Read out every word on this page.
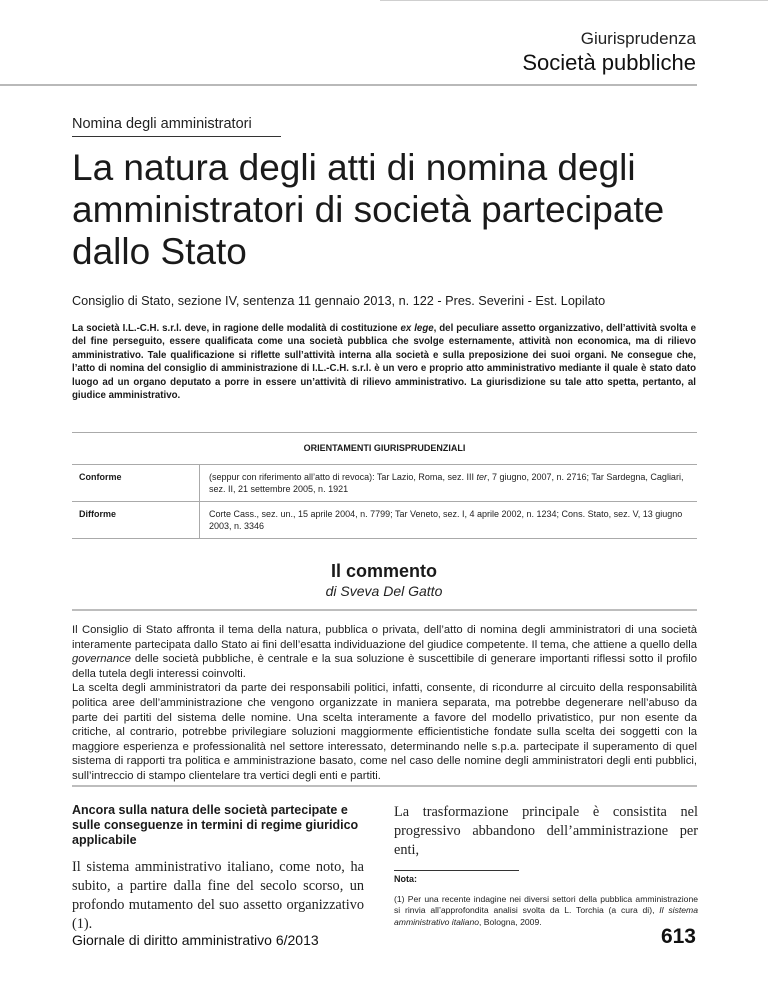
Giurisprudenza
Società pubbliche
Nomina degli amministratori
La natura degli atti di nomina degli amministratori di società partecipate dallo Stato
Consiglio di Stato, sezione IV, sentenza 11 gennaio 2013, n. 122 - Pres. Severini - Est. Lopilato
La società I.L.-C.H. s.r.l. deve, in ragione delle modalità di costituzione ex lege, del peculiare assetto organizzativo, dell’attività svolta e del fine perseguito, essere qualificata come una società pubblica che svolge esternamente, attività non economica, ma di rilievo amministrativo. Tale qualificazione si riflette sull’attività interna alla società e sulla preposizione dei suoi organi. Ne consegue che, l’atto di nomina del consiglio di amministrazione di I.L.-C.H. s.r.l. è un vero e proprio atto amministrativo mediante il quale è stato dato luogo ad un organo deputato a porre in essere un’attività di rilievo amministrativo. La giurisdizione su tale atto spetta, pertanto, al giudice amministrativo.
ORIENTAMENTI GIURISPRUDENZIALI
Conforme	(seppur con riferimento all’atto di revoca): Tar Lazio, Roma, sez. III ter, 7 giugno, 2007, n. 2716; Tar Sardegna, Cagliari, sez. II, 21 settembre 2005, n. 1921
Difforme	Corte Cass., sez. un., 15 aprile 2004, n. 7799; Tar Veneto, sez. I, 4 aprile 2002, n. 1234; Cons. Stato, sez. V, 13 giugno 2003, n. 3346
Il commento
di Sveva Del Gatto
Il Consiglio di Stato affronta il tema della natura, pubblica o privata, dell’atto di nomina degli amministratori di una società interamente partecipata dallo Stato ai fini dell’esatta individuazione del giudice competente. Il tema, che attiene a quello della governance delle società pubbliche, è centrale e la sua soluzione è suscettibile di generare importanti riflessi sotto il profilo della tutela degli interessi coinvolti.
La scelta degli amministratori da parte dei responsabili politici, infatti, consente, di ricondurre al circuito della responsabilità politica aree dell’amministrazione che vengono organizzate in maniera separata, ma potrebbe degenerare nell’abuso da parte dei partiti del sistema delle nomine. Una scelta interamente a favore del modello privatistico, pur non esente da critiche, al contrario, potrebbe privilegiare soluzioni maggiormente efficientistiche fondate sulla scelta dei soggetti con la maggiore esperienza e professionalità nel settore interessato, determinando nelle s.p.a. partecipate il superamento di quel sistema di rapporti tra politica e amministrazione basato, come nel caso delle nomine degli amministratori degli enti pubblici, sull’intreccio di stampo clientelare tra vertici degli enti e partiti.
Ancora sulla natura delle società partecipate e sulle conseguenze in termini di regime giuridico applicabile
Il sistema amministrativo italiano, come noto, ha subito, a partire dalla fine del secolo scorso, un profondo mutamento del suo assetto organizzativo (1).
La trasformazione principale è consistita nel progressivo abbandono dell’amministrazione per enti,
Nota:
(1) Per una recente indagine nei diversi settori della pubblica amministrazione si rinvia all’approfondita analisi svolta da L. Torchia (a cura di), Il sistema amministrativo italiano, Bologna, 2009.
Giornale di diritto amministrativo 6/2013	613
